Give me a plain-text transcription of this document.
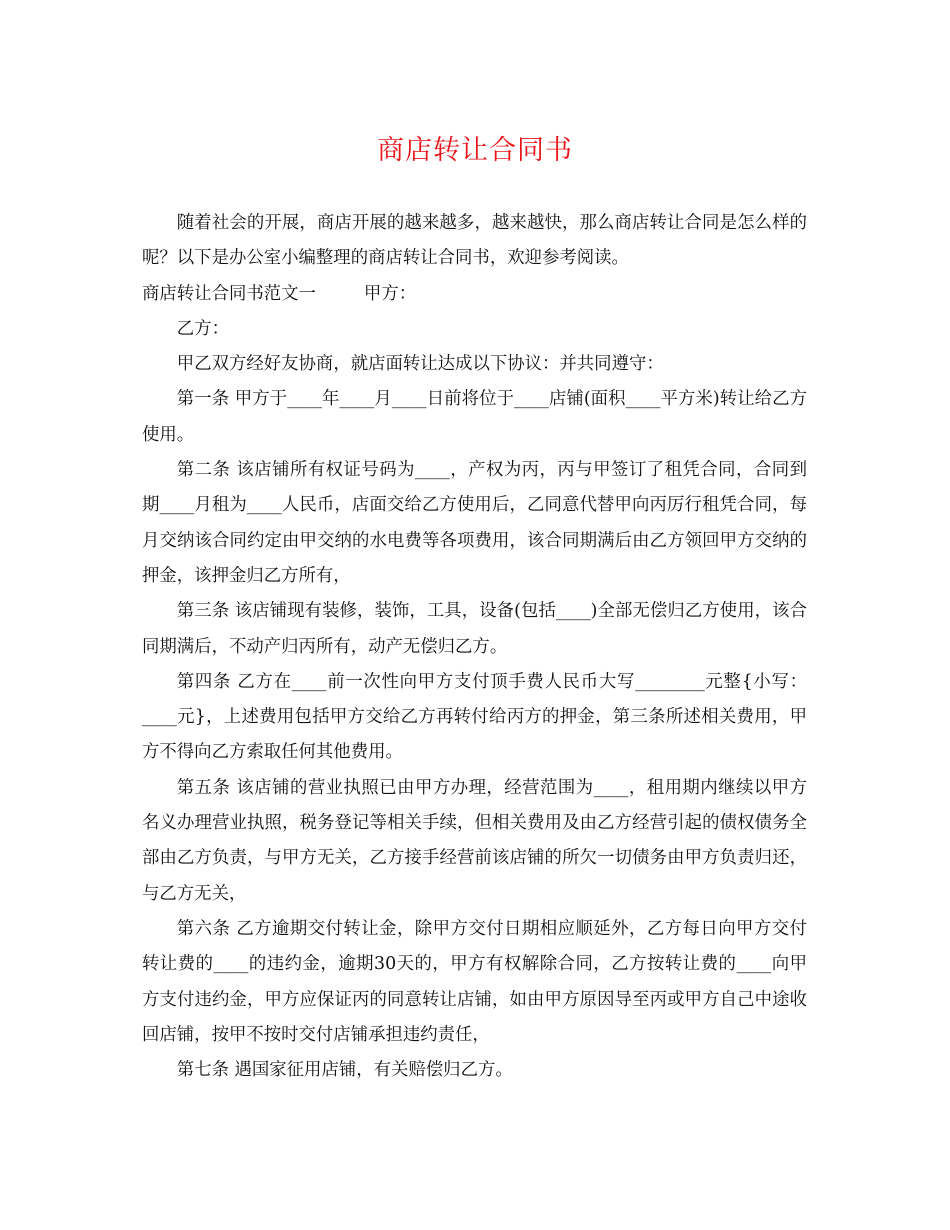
商店转让合同书

随着社会的开展，商店开展的越来越多，越来越快，那么商店转让合同是怎么样的呢？以下是办公室小编整理的商店转让合同书，欢迎参考阅读。

商店转让合同书范文一	甲方：

乙方：

甲乙双方经好友协商，就店面转让达成以下协议：并共同遵守：

第一条 甲方于____年____月____日前将位于____店铺(面积____平方米)转让给乙方使用。

第二条 该店铺所有权证号码为____，产权为丙，丙与甲签订了租凭合同，合同到期____月租为____人民币，店面交给乙方使用后，乙同意代替甲向丙厉行租凭合同，每月交纳该合同约定由甲交纳的水电费等各项费用，该合同期满后由乙方领回甲方交纳的押金，该押金归乙方所有，

第三条 该店铺现有装修，装饰，工具，设备(包括____)全部无偿归乙方使用，该合同期满后，不动产归丙所有，动产无偿归乙方。

第四条 乙方在____前一次性向甲方支付顶手费人民币大写________元整{小写：____元}，上述费用包括甲方交给乙方再转付给丙方的押金，第三条所述相关费用，甲方不得向乙方索取任何其他费用。

第五条 该店铺的营业执照已由甲方办理，经营范围为____，租用期内继续以甲方名义办理营业执照，税务登记等相关手续，但相关费用及由乙方经营引起的债权债务全部由乙方负责，与甲方无关，乙方接手经营前该店铺的所欠一切债务由甲方负责归还，与乙方无关，

第六条 乙方逾期交付转让金，除甲方交付日期相应顺延外，乙方每日向甲方交付转让费的____的违约金，逾期30天的，甲方有权解除合同，乙方按转让费的____向甲方支付违约金，甲方应保证丙的同意转让店铺，如由甲方原因导至丙或甲方自己中途收回店铺，按甲不按时交付店铺承担违约责任，

第七条 遇国家征用店铺，有关赔偿归乙方。
